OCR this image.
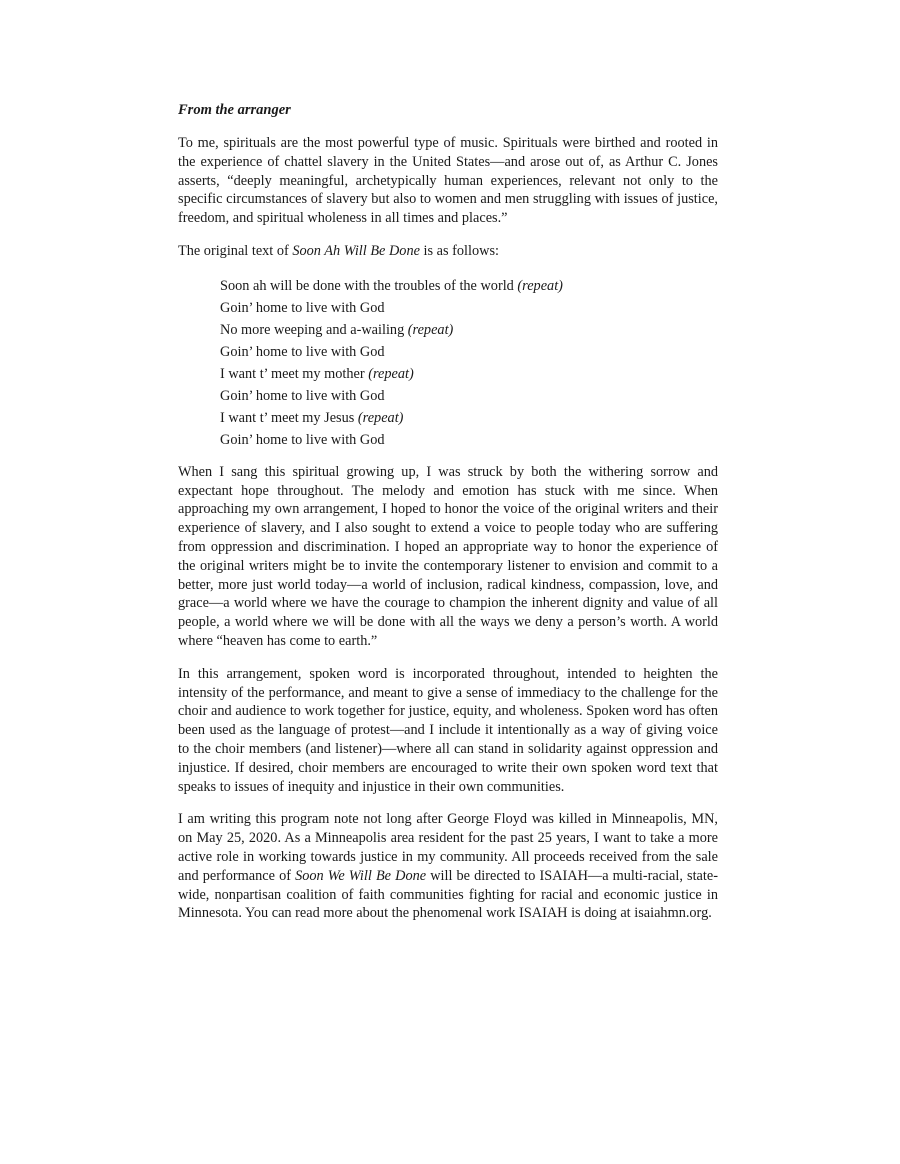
From the arranger

To me, spirituals are the most powerful type of music. Spirituals were birthed and rooted in the experience of chattel slavery in the United States—and arose out of, as Arthur C. Jones asserts, “deeply meaningful, archetypically human experiences, relevant not only to the specific circumstances of slavery but also to women and men struggling with issues of justice, freedom, and spiritual wholeness in all times and places.”

The original text of Soon Ah Will Be Done is as follows:

Soon ah will be done with the troubles of the world (repeat)
Goin’ home to live with God
No more weeping and a-wailing (repeat)
Goin’ home to live with God
I want t’ meet my mother (repeat)
Goin’ home to live with God
I want t’ meet my Jesus (repeat)
Goin’ home to live with God

When I sang this spiritual growing up, I was struck by both the withering sorrow and expectant hope throughout. The melody and emotion has stuck with me since. When approaching my own arrangement, I hoped to honor the voice of the original writers and their experience of slavery, and I also sought to extend a voice to people today who are suffering from oppression and discrimination. I hoped an appropriate way to honor the experience of the original writers might be to invite the contemporary listener to envision and commit to a better, more just world today—a world of inclusion, radical kindness, compassion, love, and grace—a world where we have the courage to champion the inherent dignity and value of all people, a world where we will be done with all the ways we deny a person’s worth. A world where “heaven has come to earth.”

In this arrangement, spoken word is incorporated throughout, intended to heighten the intensity of the performance, and meant to give a sense of immediacy to the challenge for the choir and audience to work together for justice, equity, and wholeness. Spoken word has often been used as the language of protest—and I include it intentionally as a way of giving voice to the choir members (and listener)—where all can stand in solidarity against oppression and injustice. If desired, choir members are encouraged to write their own spoken word text that speaks to issues of inequity and injustice in their own communities.

I am writing this program note not long after George Floyd was killed in Minneapolis, MN, on May 25, 2020. As a Minneapolis area resident for the past 25 years, I want to take a more active role in working towards justice in my community. All proceeds received from the sale and performance of Soon We Will Be Done will be directed to ISAIAH—a multi-racial, state-wide, nonpartisan coalition of faith communities fighting for racial and economic justice in Minnesota. You can read more about the phenomenal work ISAIAH is doing at isaiahmn.org.
